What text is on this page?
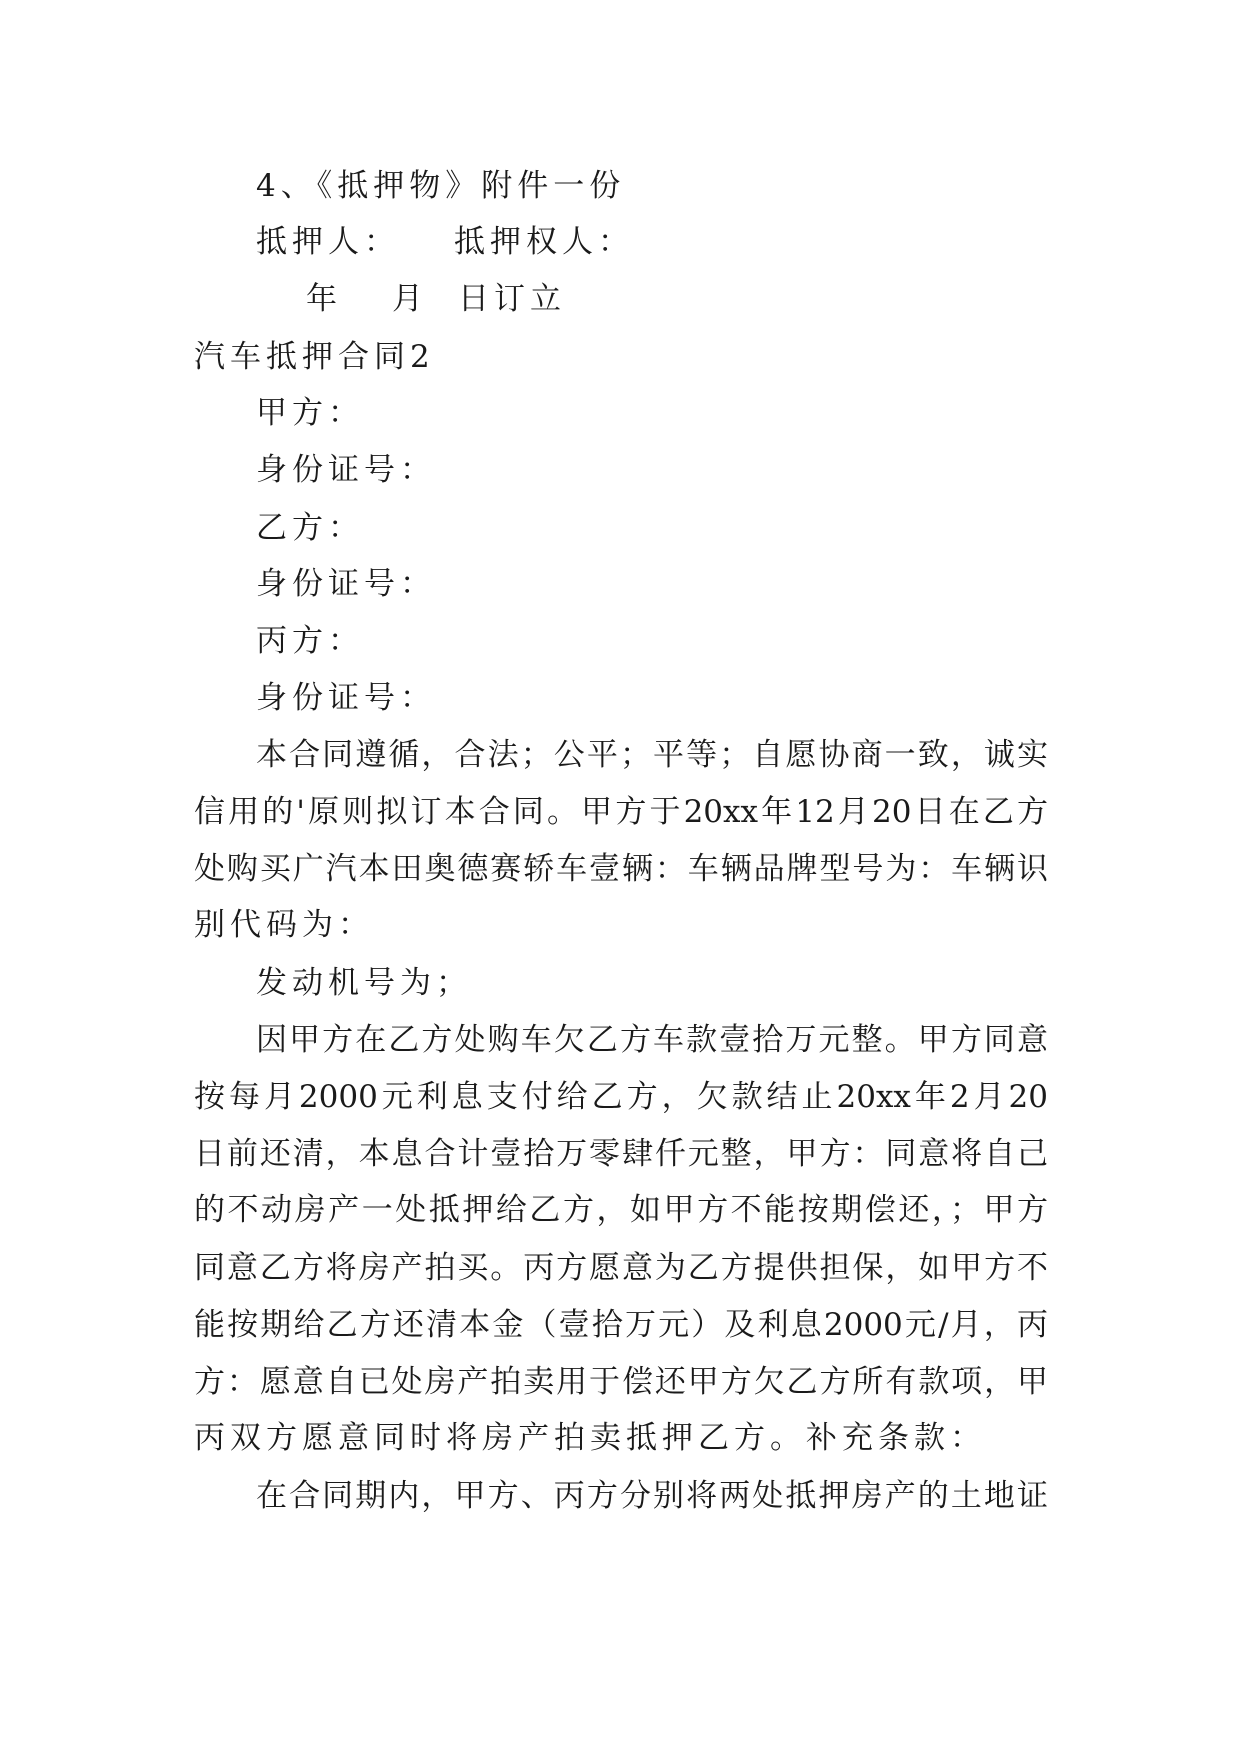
4、《抵押物》附件一份
抵押人： 抵押权人：
年 月 日订立
汽车抵押合同2
甲方：
身份证号：
乙方：
身份证号：
丙方：
身份证号：
本合同遵循，合法；公平；平等；自愿协商一致，诚实
信用的'原则拟订本合同。甲方于20xx年12月20日在乙方
处购买广汽本田奥德赛轿车壹辆：车辆品牌型号为：车辆识
别代码为：
发动机号为；
因甲方在乙方处购车欠乙方车款壹拾万元整。甲方同意
按每月2000元利息支付给乙方，欠款结止20xx年2月20
日前还清，本息合计壹拾万零肆仟元整，甲方：同意将自己
的不动房产一处抵押给乙方，如甲方不能按期偿还，；甲方
同意乙方将房产拍买。丙方愿意为乙方提供担保，如甲方不
能按期给乙方还清本金（壹拾万元）及利息2000元/月，丙
方：愿意自已处房产拍卖用于偿还甲方欠乙方所有款项，甲
丙双方愿意同时将房产拍卖抵押乙方。补充条款：
在合同期内，甲方、丙方分别将两处抵押房产的土地证
